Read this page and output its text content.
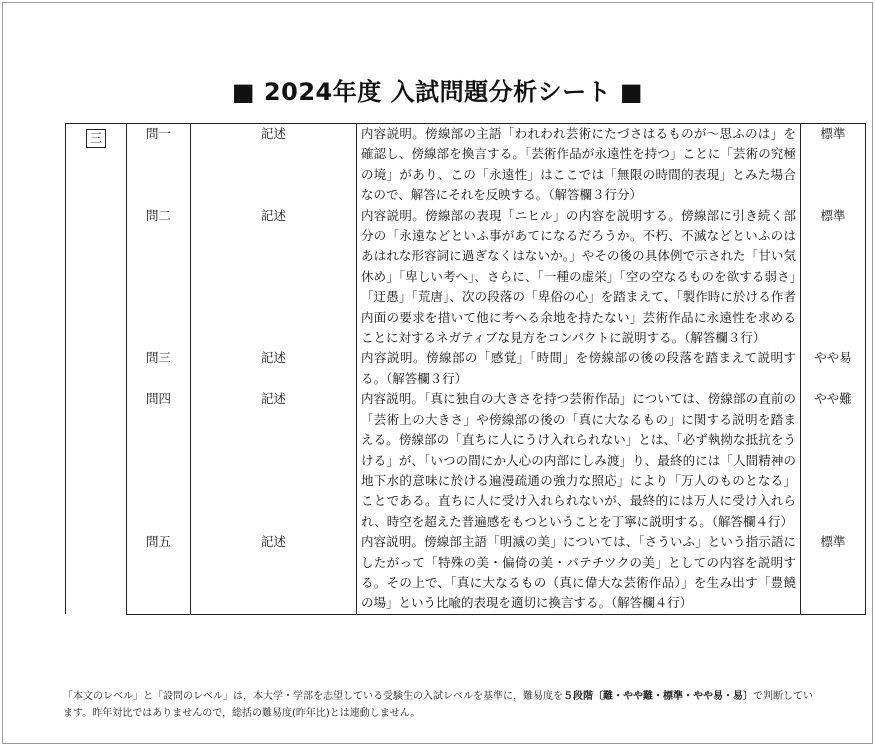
■ 2024年度 入試問題分析シート ■
三	問一	記述	内容説明。傍線部の主語「われわれ芸術にたづさはるものが〜思ふのは」を確認し、傍線部を換言する。「芸術作品が永遠性を持つ」ことに「芸術の究極の境」があり、この「永遠性」はここでは「無限の時間的表現」とみた場合なので、解答にそれを反映する。（解答欄３行分）	標準
	問二	記述	内容説明。傍線部の表現「ニヒル」の内容を説明する。傍線部に引き続く部分の「永遠などといふ事があてになるだろうか。不朽、不滅などといふのはあはれな形容詞に過ぎなくはないか。」やその後の具体例で示された「甘い気休め」「卑しい考へ」、さらに、「一種の虚栄」「空の空なるものを欲する弱さ」「迂愚」「荒唐」、次の段落の「卑俗の心」を踏まえて、「製作時に於ける作者内面の要求を措いて他に考へる余地を持たない」芸術作品に永遠性を求めることに対するネガティブな見方をコンパクトに説明する。（解答欄３行）	標準
	問三	記述	内容説明。傍線部の「感覚」「時間」を傍線部の後の段落を踏まえて説明する。（解答欄３行）	やや易
	問四	記述	内容説明。「真に独自の大きさを持つ芸術作品」については、傍線部の直前の「芸術上の大きさ」や傍線部の後の「真に大なるもの」に関する説明を踏まえる。傍線部の「直ちに人にうけ入れられない」とは、「必ず執拗な抵抗をうける」が、「いつの間にか人心の内部にしみ渡」り、最終的には「人間精神の地下水的意味に於ける遍漫疏通の強力な照応」により「万人のものとなる」ことである。直ちに人に受け入れられないが、最終的には万人に受け入れられ、時空を超えた普遍感をもつということを丁寧に説明する。（解答欄４行）	やや難
	問五	記述	内容説明。傍線部主語「明滅の美」については、「さういふ」という指示語にしたがって「特殊の美・偏倚の美・パテチツクの美」としての内容を説明する。その上で、「真に大なるもの（真に偉大な芸術作品）」を生み出す「豊饒の場」という比喩的表現を適切に換言する。（解答欄４行）	標準
「本文のレベル」と「設問のレベル」は，本大学・学部を志望している受験生の入試レベルを基準に，難易度を５段階〔難・やや難・標準・やや易・易〕で判断しています。昨年対比ではありませんので，総括の難易度(昨年比)とは連動しません。
